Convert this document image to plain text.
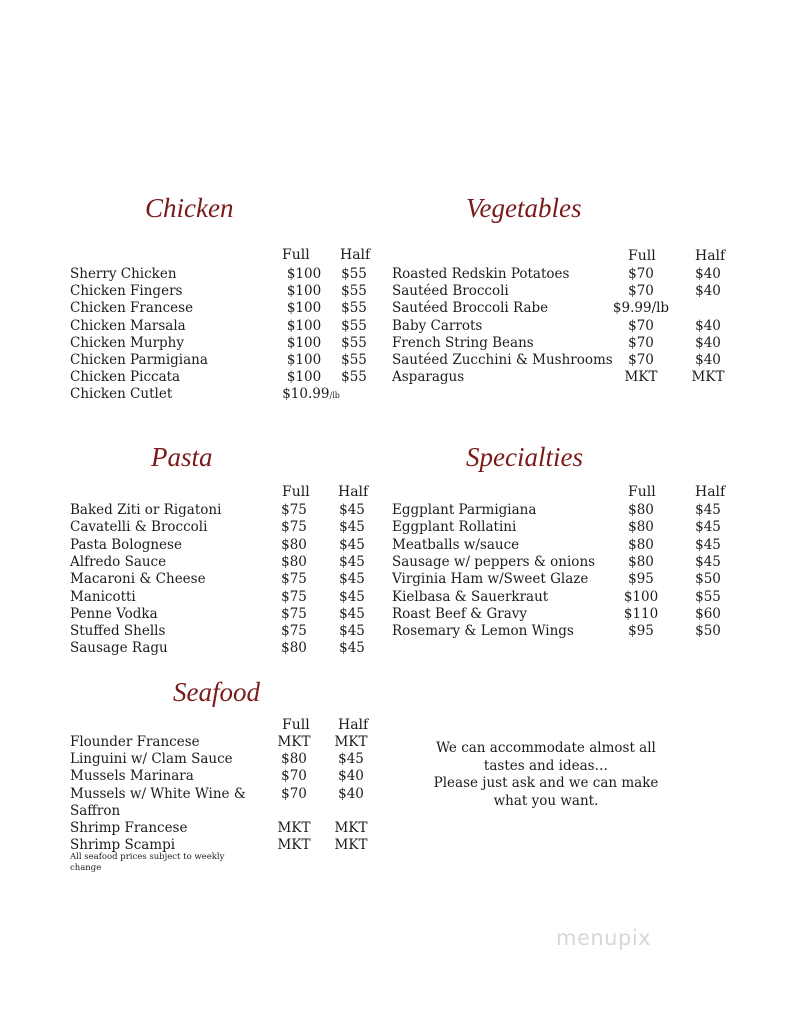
Chicken
Full Half
Sherry Chicken	$100	$55
Chicken Fingers	$100	$55
Chicken Francese	$100	$55
Chicken Marsala	$100	$55
Chicken Murphy	$100	$55
Chicken Parmigiana	$100	$55
Chicken Piccata	$100	$55
Chicken Cutlet	$10.99/lb
Vegetables
Full	Half
Roasted Redskin Potatoes	$70	$40
Sautéed Broccoli	$70	$40
Sautéed Broccoli Rabe	$9.99/lb
Baby Carrots	$70	$40
French String Beans	$70	$40
Sautéed Zucchini & Mushrooms	$70	$40
Asparagus	MKT	MKT
Pasta
Full Half
Baked Ziti or Rigatoni	$75	$45
Cavatelli & Broccoli	$75	$45
Pasta Bolognese	$80	$45
Alfredo Sauce	$80	$45
Macaroni & Cheese	$75	$45
Manicotti	$75	$45
Penne Vodka	$75	$45
Stuffed Shells	$75	$45
Sausage Ragu	$80	$45
Specialties
Full	Half
Eggplant Parmigiana	$80	$45
Eggplant Rollatini	$80	$45
Meatballs w/sauce	$80	$45
Sausage w/ peppers & onions	$80	$45
Virginia Ham w/Sweet Glaze	$95	$50
Kielbasa & Sauerkraut	$100	$55
Roast Beef & Gravy	$110	$60
Rosemary & Lemon Wings	$95	$50
Seafood
Full Half
Flounder Francese	MKT MKT
Linguini w/ Clam Sauce	$80	$45
Mussels Marinara	$70	$40
Mussels w/ White Wine &	$70	$40
Saffron
Shrimp Francese	MKT MKT
Shrimp Scampi	MKT MKT
All seafood prices subject to weekly change
We can accommodate almost all
tastes and ideas…
Please just ask and we can make
what you want.
menupix
